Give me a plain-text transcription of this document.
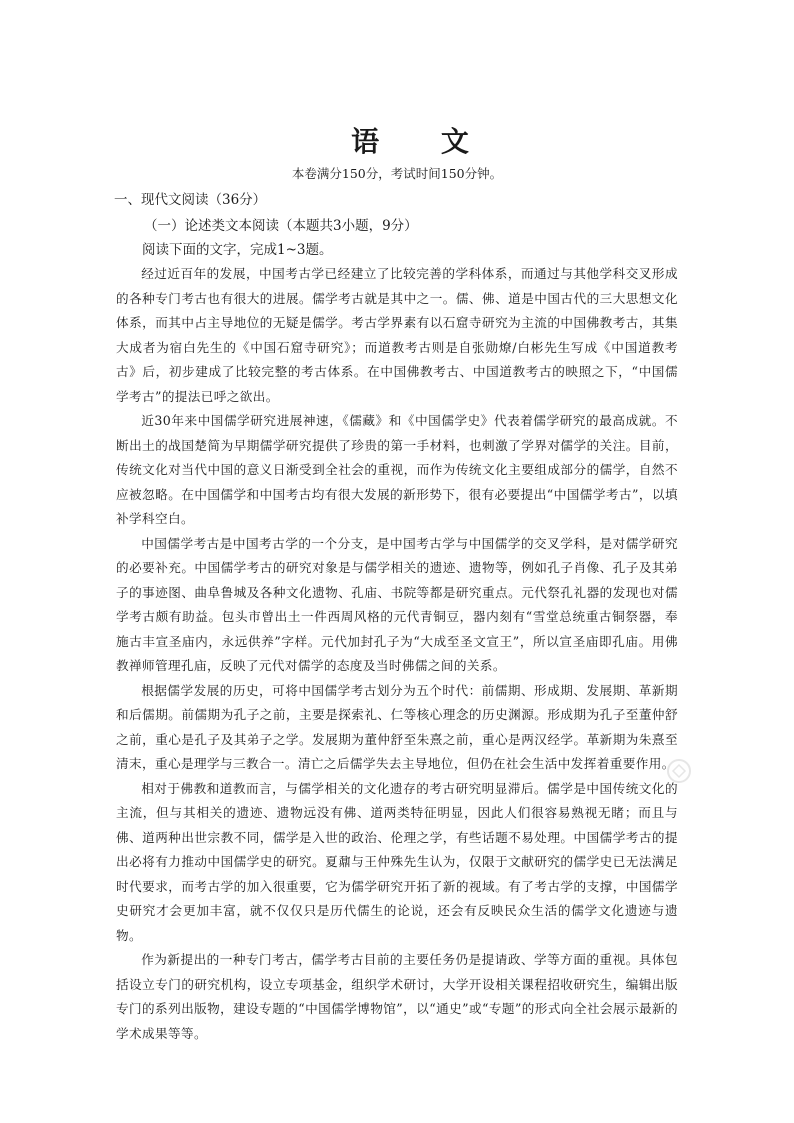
语 文
本卷满分150分，考试时间150分钟。
一、现代文阅读（36分）
（一）论述类文本阅读（本题共3小题，9分）
阅读下面的文字，完成1~3题。

经过近百年的发展，中国考古学已经建立了比较完善的学科体系，而通过与其他学科交叉形成的各种专门考古也有很大的进展。儒学考古就是其中之一。儒、佛、道是中国古代的三大思想文化体系，而其中占主导地位的无疑是儒学。考古学界素有以石窟寺研究为主流的中国佛教考古，其集大成者为宿白先生的《中国石窟寺研究》；而道教考古则是自张勋燎/白彬先生写成《中国道教考古》后，初步建成了比较完整的考古体系。在中国佛教考古、中国道教考古的映照之下，“中国儒学考古”的提法已呼之欲出。

近30年来中国儒学研究进展神速，《儒藏》和《中国儒学史》代表着儒学研究的最高成就。不断出土的战国楚简为早期儒学研究提供了珍贵的第一手材料，也刺激了学界对儒学的关注。目前，传统文化对当代中国的意义日渐受到全社会的重视，而作为传统文化主要组成部分的儒学，自然不应被忽略。在中国儒学和中国考古均有很大发展的新形势下，很有必要提出“中国儒学考古”，以填补学科空白。

中国儒学考古是中国考古学的一个分支，是中国考古学与中国儒学的交叉学科，是对儒学研究的必要补充。中国儒学考古的研究对象是与儒学相关的遗迹、遗物等，例如孔子肖像、孔子及其弟子的事迹图、曲阜鲁城及各种文化遗物、孔庙、书院等都是研究重点。元代祭孔礼器的发现也对儒学考古颇有助益。包头市曾出土一件西周风格的元代青铜豆，器内刻有“雪堂总统重古铜祭器，奉施古丰宣圣庙内，永远供养”字样。元代加封孔子为“大成至圣文宣王”，所以宣圣庙即孔庙。用佛教禅师管理孔庙，反映了元代对儒学的态度及当时佛儒之间的关系。

根据儒学发展的历史，可将中国儒学考古划分为五个时代：前儒期、形成期、发展期、革新期和后儒期。前儒期为孔子之前，主要是探索礼、仁等核心理念的历史渊源。形成期为孔子至董仲舒之前，重心是孔子及其弟子之学。发展期为董仲舒至朱熹之前，重心是两汉经学。革新期为朱熹至清末，重心是理学与三教合一。清亡之后儒学失去主导地位，但仍在社会生活中发挥着重要作用。

相对于佛教和道教而言，与儒学相关的文化遗存的考古研究明显滞后。儒学是中国传统文化的主流，但与其相关的遗迹、遗物远没有佛、道两类特征明显，因此人们很容易熟视无睹；而且与佛、道两种出世宗教不同，儒学是入世的政治、伦理之学，有些话题不易处理。中国儒学考古的提出必将有力推动中国儒学史的研究。夏鼐与王仲殊先生认为，仅限于文献研究的儒学史已无法满足时代要求，而考古学的加入很重要，它为儒学研究开拓了新的视域。有了考古学的支撑，中国儒学史研究才会更加丰富，就不仅仅只是历代儒生的论说，还会有反映民众生活的儒学文化遗迹与遗物。

作为新提出的一种专门考古，儒学考古目前的主要任务仍是提请政、学等方面的重视。具体包括设立专门的研究机构，设立专项基金，组织学术研讨，大学开设相关课程招收研究生，编辑出版专门的系列出版物，建设专题的“中国儒学博物馆”，以“通史”或“专题”的形式向全社会展示最新的学术成果等等。
